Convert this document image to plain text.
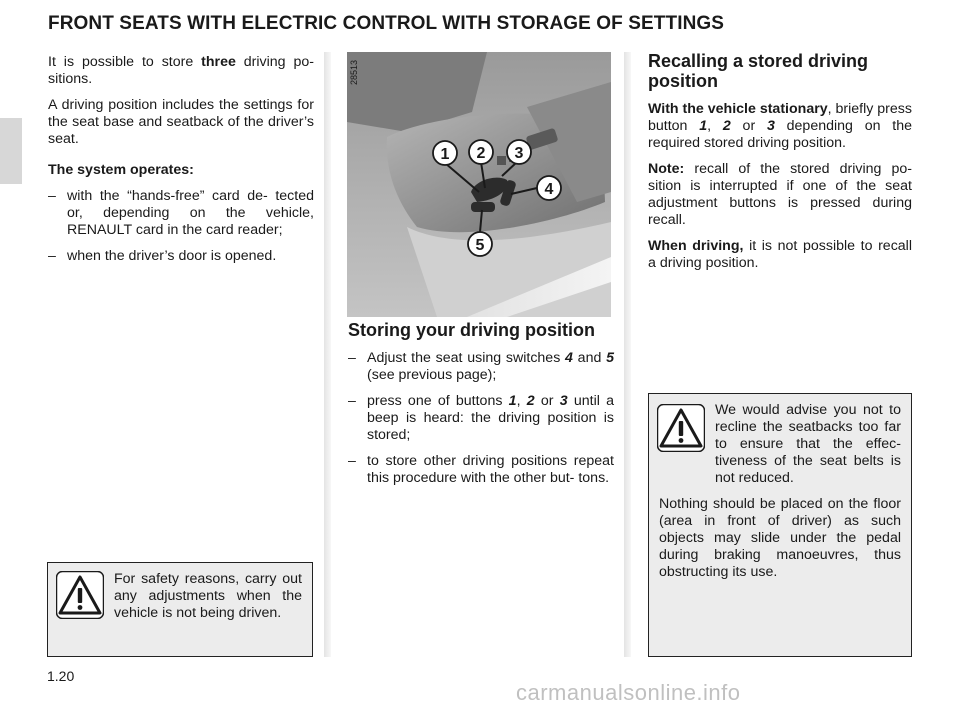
FRONT SEATS WITH ELECTRIC CONTROL WITH STORAGE OF SETTINGS

It is possible to store three driving po- sitions.

A driving position includes the settings for the seat base and seatback of the driver’s seat.

The system operates:

– with the “hands-free” card de- tected or, depending on the vehicle, RENAULT card in the card reader;
– when the driver’s door is opened.

For safety reasons, carry out any adjustments when the vehicle is not being driven.

28513
1 2 3
4
5
Storing your driving position
– Adjust the seat using switches 4 and 5 (see previous page);
– press one of buttons 1, 2 or 3 until a beep is heard: the driving position is stored;
– to store other driving positions repeat this procedure with the other but- tons.
Recalling a stored driving position

With the vehicle stationary, briefly press button 1, 2 or 3 depending on the required stored driving position.

Note: recall of the stored driving po- sition is interrupted if one of the seat adjustment buttons is pressed during recall.

When driving, it is not possible to recall a driving position.

We would advise you not to recline the seatbacks too far to ensure that the effec- tiveness of the seat belts is not reduced.

Nothing should be placed on the floor (area in front of driver) as such objects may slide under the pedal during braking manoeuvres, thus obstructing its use.

1.20
carmanualsonline.info
